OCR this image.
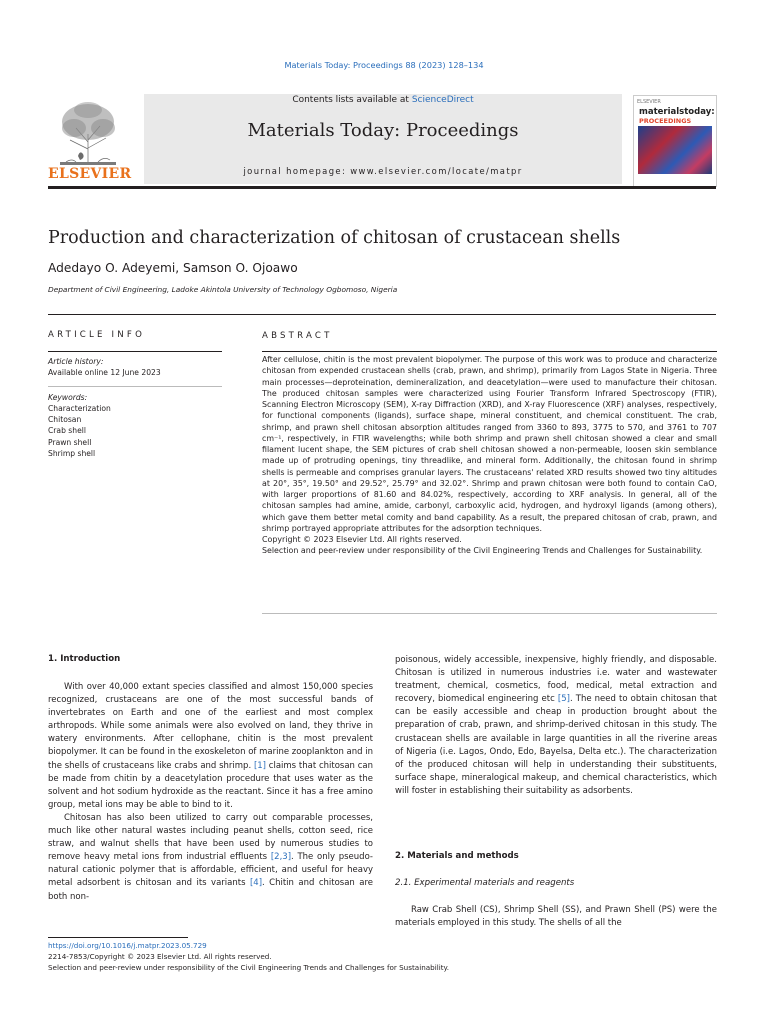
Materials Today: Proceedings 88 (2023) 128–134
Contents lists available at ScienceDirect
Materials Today: Proceedings
journal homepage: www.elsevier.com/locate/matpr
ELSEVIER
ELSEVIER
materialstoday:
PROCEEDINGS
Production and characterization of chitosan of crustacean shells
Adedayo O. Adeyemi, Samson O. Ojoawo
Department of Civil Engineering, Ladoke Akintola University of Technology Ogbomoso, Nigeria
ARTICLE INFO	ABSTRACT
Article history:
Available online 12 June 2023
Keywords:
Characterization
Chitosan
Crab shell
Prawn shell
Shrimp shell

After cellulose, chitin is the most prevalent biopolymer. The purpose of this work was to produce and characterize chitosan from expended crustacean shells (crab, prawn, and shrimp), primarily from Lagos State in Nigeria. Three main processes—deproteination, demineralization, and deacetylation—were used to manufacture their chitosan. The produced chitosan samples were characterized using Fourier Transform Infrared Spectroscopy (FTIR), Scanning Electron Microscopy (SEM), X-ray Diffraction (XRD), and X-ray Fluorescence (XRF) analyses, respectively, for functional components (ligands), surface shape, mineral constituent, and chemical constituent. The crab, shrimp, and prawn shell chitosan absorption altitudes ranged from 3360 to 893, 3775 to 570, and 3761 to 707 cm⁻¹, respectively, in FTIR wavelengths; while both shrimp and prawn shell chitosan showed a clear and small filament lucent shape, the SEM pictures of crab shell chitosan showed a non-permeable, loosen skin semblance made up of protruding openings, tiny threadlike, and mineral form. Additionally, the chitosan found in shrimp shells is permeable and comprises granular layers. The crustaceans' related XRD results showed two tiny altitudes at 20°, 35°, 19.50° and 29.52°, 25.79° and 32.02°. Shrimp and prawn chitosan were both found to contain CaO, with larger proportions of 81.60 and 84.02%, respectively, according to XRF analysis. In general, all of the chitosan samples had amine, amide, carbonyl, carboxylic acid, hydrogen, and hydroxyl ligands (among others), which gave them better metal comity and band capability. As a result, the prepared chitosan of crab, prawn, and shrimp portrayed appropriate attributes for the adsorption techniques.

Copyright © 2023 Elsevier Ltd. All rights reserved.

Selection and peer-review under responsibility of the Civil Engineering Trends and Challenges for Sustainability.

1. Introduction

With over 40,000 extant species classified and almost 150,000 species recognized, crustaceans are one of the most successful bands of invertebrates on Earth and one of the earliest and most complex arthropods. While some animals were also evolved on land, they thrive in watery environments. After cellophane, chitin is the most prevalent biopolymer. It can be found in the exoskeleton of marine zooplankton and in the shells of crustaceans like crabs and shrimp. [1] claims that chitosan can be made from chitin by a deacetylation procedure that uses water as the solvent and hot sodium hydroxide as the reactant. Since it has a free amino group, metal ions may be able to bind to it.

Chitosan has also been utilized to carry out comparable processes, much like other natural wastes including peanut shells, cotton seed, rice straw, and walnut shells that have been used by numerous studies to remove heavy metal ions from industrial effluents [2,3]. The only pseudo-natural cationic polymer that is affordable, efficient, and useful for heavy metal adsorbent is chitosan and its variants [4]. Chitin and chitosan are both non-

poisonous, widely accessible, inexpensive, highly friendly, and disposable. Chitosan is utilized in numerous industries i.e. water and wastewater treatment, chemical, cosmetics, food, medical, metal extraction and recovery, biomedical engineering etc [5]. The need to obtain chitosan that can be easily accessible and cheap in production brought about the preparation of crab, prawn, and shrimp-derived chitosan in this study. The crustacean shells are available in large quantities in all the riverine areas of Nigeria (i.e. Lagos, Ondo, Edo, Bayelsa, Delta etc.). The characterization of the produced chitosan will help in understanding their substituents, surface shape, mineralogical makeup, and chemical characteristics, which will foster in establishing their suitability as adsorbents.

2. Materials and methods
2.1. Experimental materials and reagents

Raw Crab Shell (CS), Shrimp Shell (SS), and Prawn Shell (PS) were the materials employed in this study. The shells of all the

https://doi.org/10.1016/j.matpr.2023.05.729
2214-7853/Copyright © 2023 Elsevier Ltd. All rights reserved.
Selection and peer-review under responsibility of the Civil Engineering Trends and Challenges for Sustainability.
